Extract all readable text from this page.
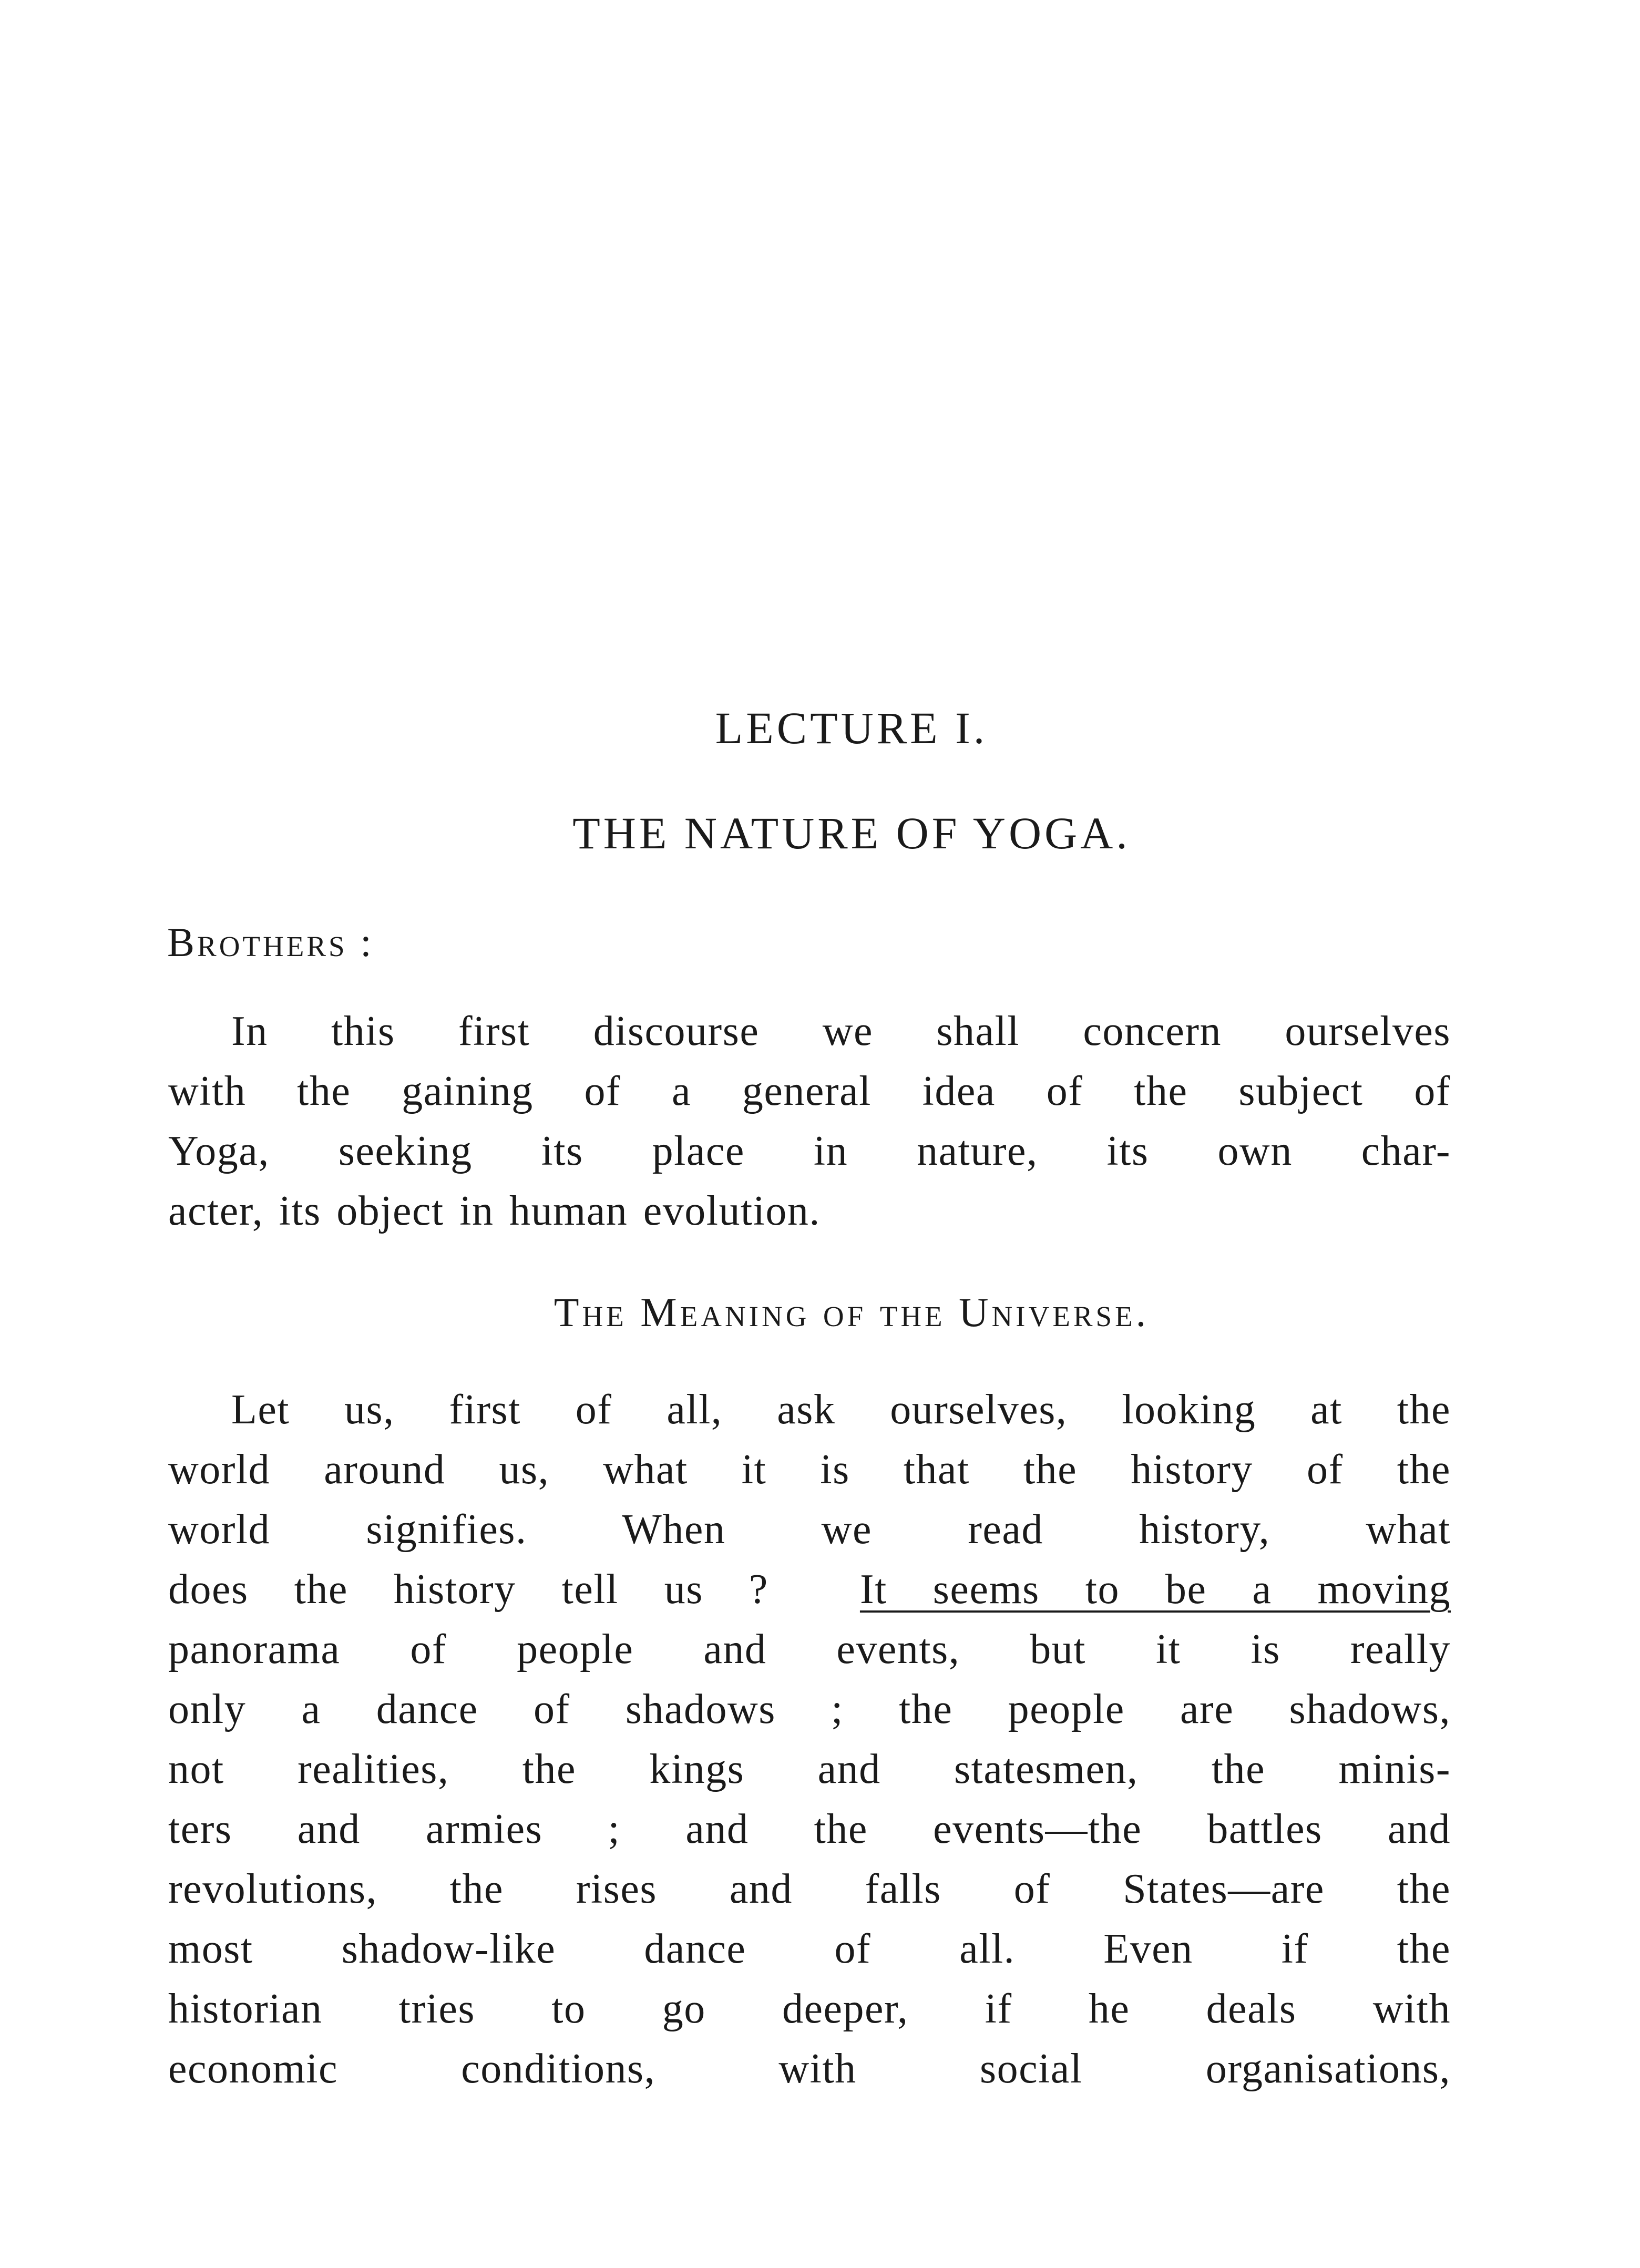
LECTURE I.
THE NATURE OF YOGA.
Brothers :
In this first discourse we shall concern ourselves
with the gaining of a general idea of the subject of
Yoga, seeking its place in nature, its own char-
acter, its object in human evolution.
The Meaning of the Universe.
Let us, first of all, ask ourselves, looking at the
world around us, what it is that the history of the
world signifies. When we read history, what
does the history tell us ? It seems to be a moving
panorama of people and events, but it is really
only a dance of shadows ; the people are shadows,
not realities, the kings and statesmen, the minis-
ters and armies ; and the events—the battles and
revolutions, the rises and falls of States—are the
most shadow-like dance of all. Even if the
historian tries to go deeper, if he deals with
economic conditions, with social organisations,
